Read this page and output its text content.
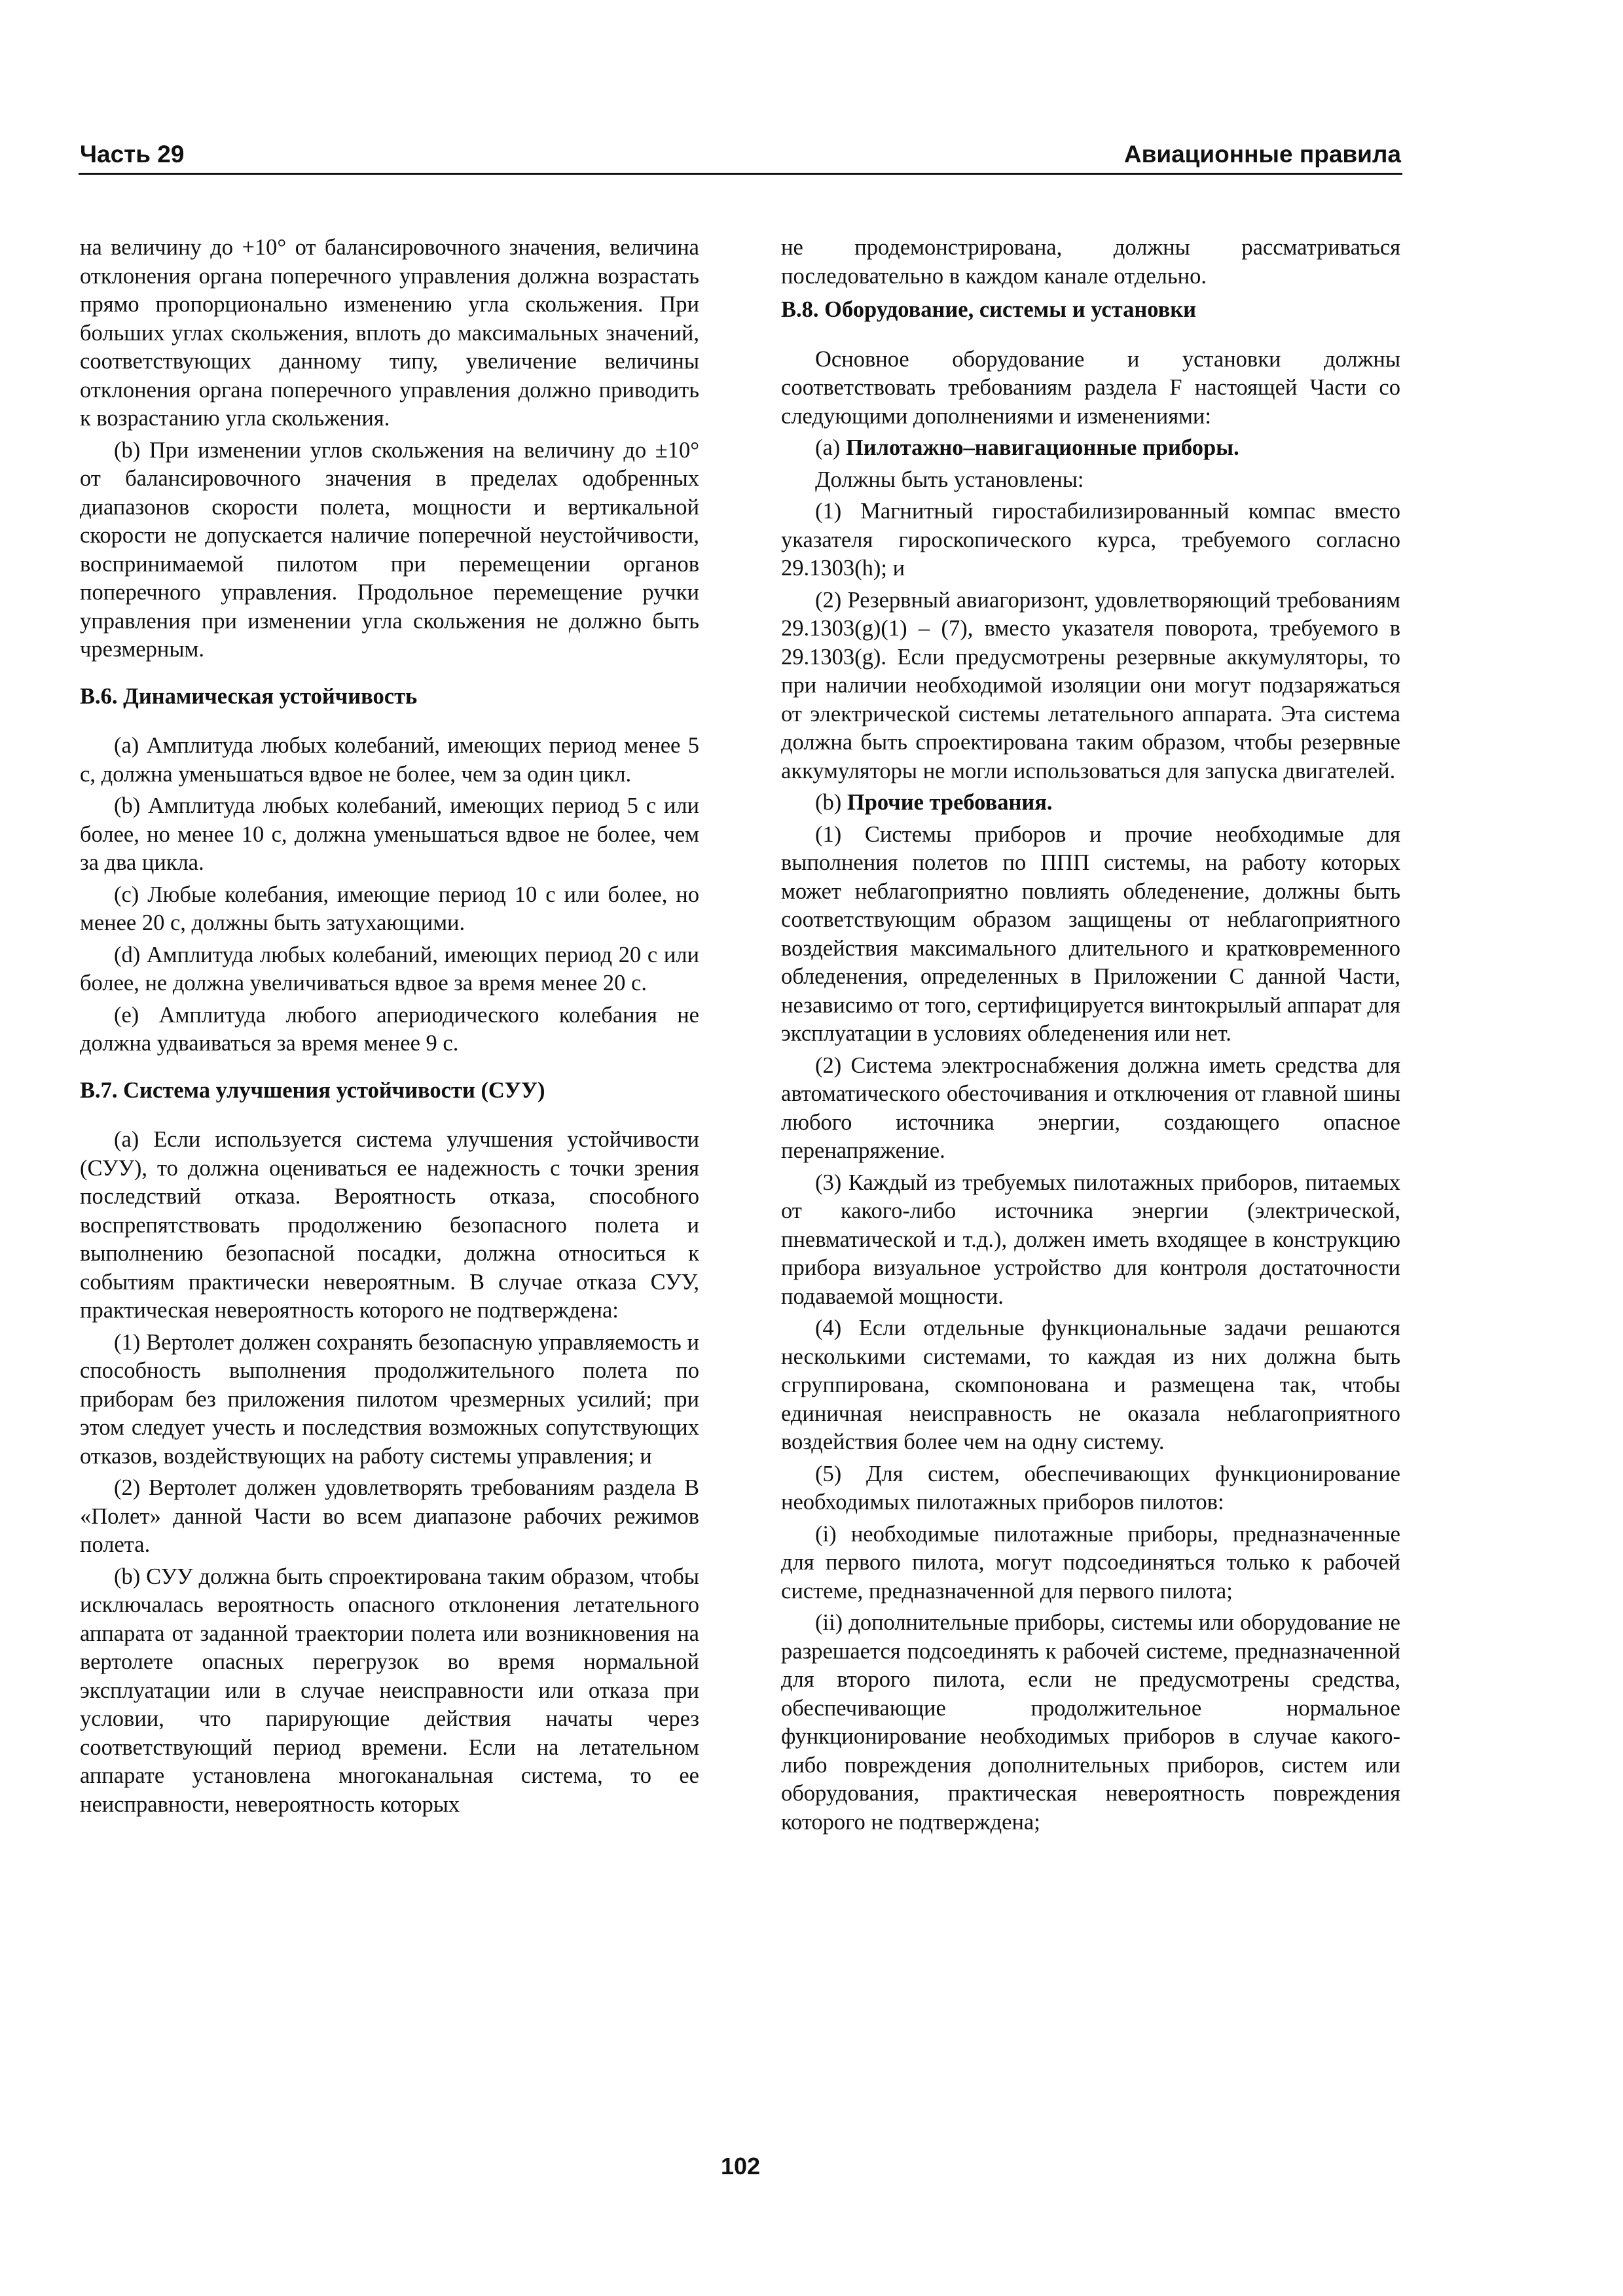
Часть 29	Авиационные правила

на величину до +10° от балансировочного значения, величина отклонения органа поперечного управления должна возрастать прямо пропорционально изменению угла скольжения. При больших углах скольжения, вплоть до максимальных значений, соответствующих данному типу, увеличение величины отклонения органа поперечного управления должно приводить к возрастанию угла скольжения.

(b) При изменении углов скольжения на величину до ±10° от балансировочного значения в пределах одобренных диапазонов скорости полета, мощности и вертикальной скорости не допускается наличие поперечной неустойчивости, воспринимаемой пилотом при перемещении органов поперечного управления. Продольное перемещение ручки управления при изменении угла скольжения не должно быть чрезмерным.

B.6. Динамическая устойчивость

(a) Амплитуда любых колебаний, имеющих период менее 5 с, должна уменьшаться вдвое не более, чем за один цикл.

(b) Амплитуда любых колебаний, имеющих период 5 с или более, но менее 10 с, должна уменьшаться вдвое не более, чем за два цикла.

(c) Любые колебания, имеющие период 10 с или более, но менее 20 с, должны быть затухающими.

(d) Амплитуда любых колебаний, имеющих период 20 с или более, не должна увеличиваться вдвое за время менее 20 с.

(e) Амплитуда любого апериодического колебания не должна удваиваться за время менее 9 с.

B.7. Система улучшения устойчивости (СУУ)

(a) Если используется система улучшения устойчивости (СУУ), то должна оцениваться ее надежность с точки зрения последствий отказа. Вероятность отказа, способного воспрепятствовать продолжению безопасного полета и выполнению безопасной посадки, должна относиться к событиям практически невероятным. В случае отказа СУУ, практическая невероятность которого не подтверждена:

(1) Вертолет должен сохранять безопасную управляемость и способность выполнения продолжительного полета по приборам без приложения пилотом чрезмерных усилий; при этом следует учесть и последствия возможных сопутствующих отказов, воздействующих на работу системы управления; и

(2) Вертолет должен удовлетворять требованиям раздела B «Полет» данной Части во всем диапазоне рабочих режимов полета.

(b) СУУ должна быть спроектирована таким образом, чтобы исключалась вероятность опасного отклонения летательного аппарата от заданной траектории полета или возникновения на вертолете опасных перегрузок во время нормальной эксплуатации или в случае неисправности или отказа при условии, что парирующие действия начаты через соответствующий период времени. Если на летательном аппарате установлена многоканальная система, то ее неисправности, невероятность которых

не продемонстрирована, должны рассматриваться последовательно в каждом канале отдельно.

B.8. Оборудование, системы и установки

Основное оборудование и установки должны соответствовать требованиям раздела F настоящей Части со следующими дополнениями и изменениями:

(a) Пилотажно–навигационные приборы.

Должны быть установлены:

(1) Магнитный гиростабилизированный компас вместо указателя гироскопического курса, требуемого согласно 29.1303(h); и

(2) Резервный авиагоризонт, удовлетворяющий требованиям 29.1303(g)(1) – (7), вместо указателя поворота, требуемого в 29.1303(g). Если предусмотрены резервные аккумуляторы, то при наличии необходимой изоляции они могут подзаряжаться от электрической системы летательного аппарата. Эта система должна быть спроектирована таким образом, чтобы резервные аккумуляторы не могли использоваться для запуска двигателей.

(b) Прочие требования.

(1) Системы приборов и прочие необходимые для выполнения полетов по ППП системы, на работу которых может неблагоприятно повлиять обледенение, должны быть соответствующим образом защищены от неблагоприятного воздействия максимального длительного и кратковременного обледенения, определенных в Приложении C данной Части, независимо от того, сертифицируется винтокрылый аппарат для эксплуатации в условиях обледенения или нет.

(2) Система электроснабжения должна иметь средства для автоматического обесточивания и отключения от главной шины любого источника энергии, создающего опасное перенапряжение.

(3) Каждый из требуемых пилотажных приборов, питаемых от какого-либо источника энергии (электрической, пневматической и т.д.), должен иметь входящее в конструкцию прибора визуальное устройство для контроля достаточности подаваемой мощности.

(4) Если отдельные функциональные задачи решаются несколькими системами, то каждая из них должна быть сгруппирована, скомпонована и размещена так, чтобы единичная неисправность не оказала неблагоприятного воздействия более чем на одну систему.

(5) Для систем, обеспечивающих функционирование необходимых пилотажных приборов пилотов:

(i) необходимые пилотажные приборы, предназначенные для первого пилота, могут подсоединяться только к рабочей системе, предназначенной для первого пилота;

(ii) дополнительные приборы, системы или оборудование не разрешается подсоединять к рабочей системе, предназначенной для второго пилота, если не предусмотрены средства, обеспечивающие продолжительное нормальное функционирование необходимых приборов в случае какого-либо повреждения дополнительных приборов, систем или оборудования, практическая невероятность повреждения которого не подтверждена;

102
